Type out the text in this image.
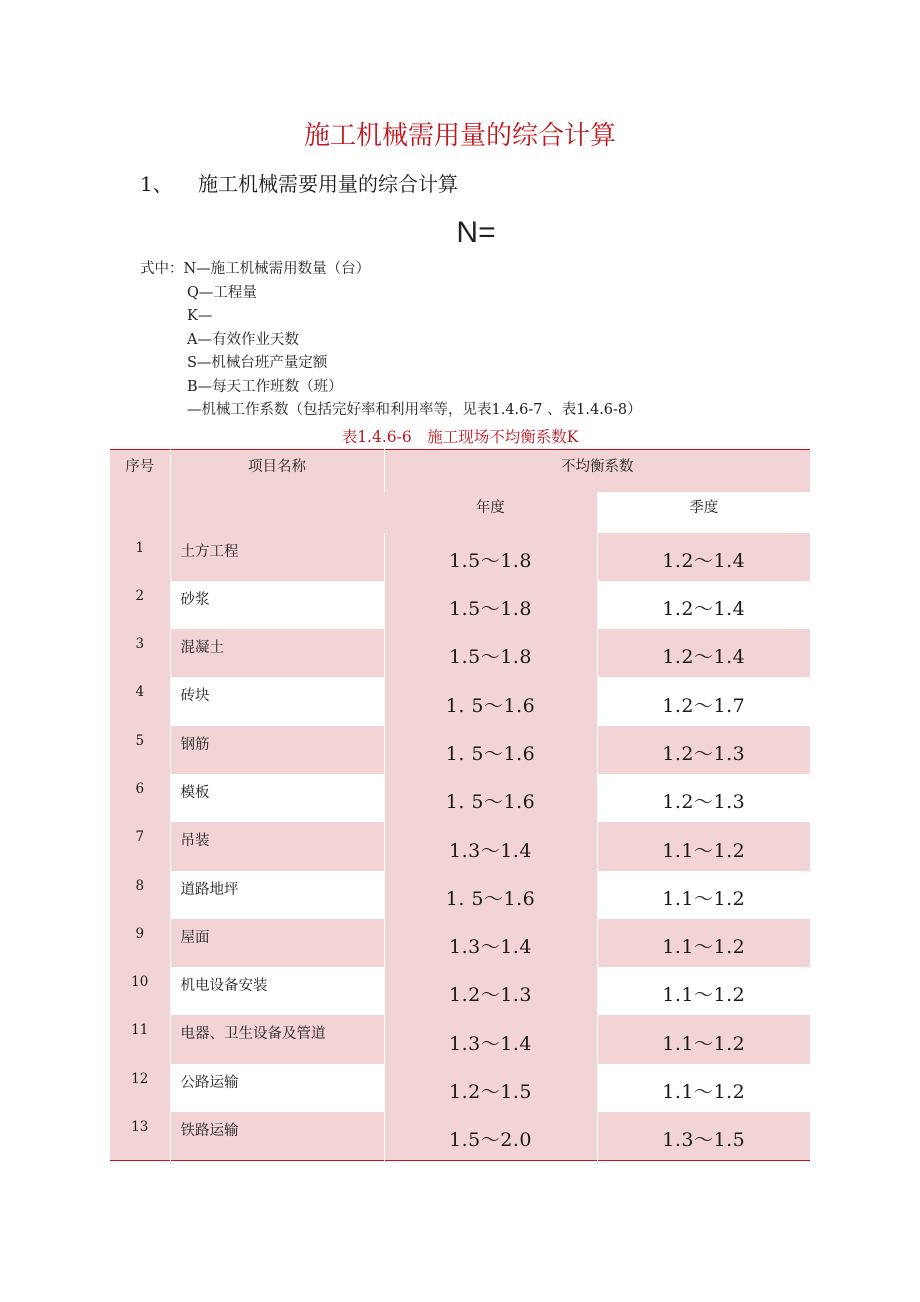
施工机械需用量的综合计算
1、 施工机械需要用量的综合计算
N=
式中：N—施工机械需用数量（台）
Q—工程量
K—
A—有效作业天数
S—机械台班产量定额
B—每天工作班数（班）
—机械工作系数（包括完好率和利用率等，见表1.4.6-7 、表1.4.6-8）
表1.4.6-6　施工现场不均衡系数K
序号	项目名称	不均衡系数	
		年度	季度
1	土方工程	1.5～1.8	1.2～1.4
2	砂浆	1.5～1.8	1.2～1.4
3	混凝土	1.5～1.8	1.2～1.4
4	砖块	1. 5～1.6	1.2～1.7
5	钢筋	1. 5～1.6	1.2～1.3
6	模板	1. 5～1.6	1.2～1.3
7	吊装	1.3～1.4	1.1～1.2
8	道路地坪	1. 5～1.6	1.1～1.2
9	屋面	1.3～1.4	1.1～1.2
10	机电设备安装	1.2～1.3	1.1～1.2
11	电器、卫生设备及管道	1.3～1.4	1.1～1.2
12	公路运输	1.2～1.5	1.1～1.2
13	铁路运输	1.5～2.0	1.3～1.5
